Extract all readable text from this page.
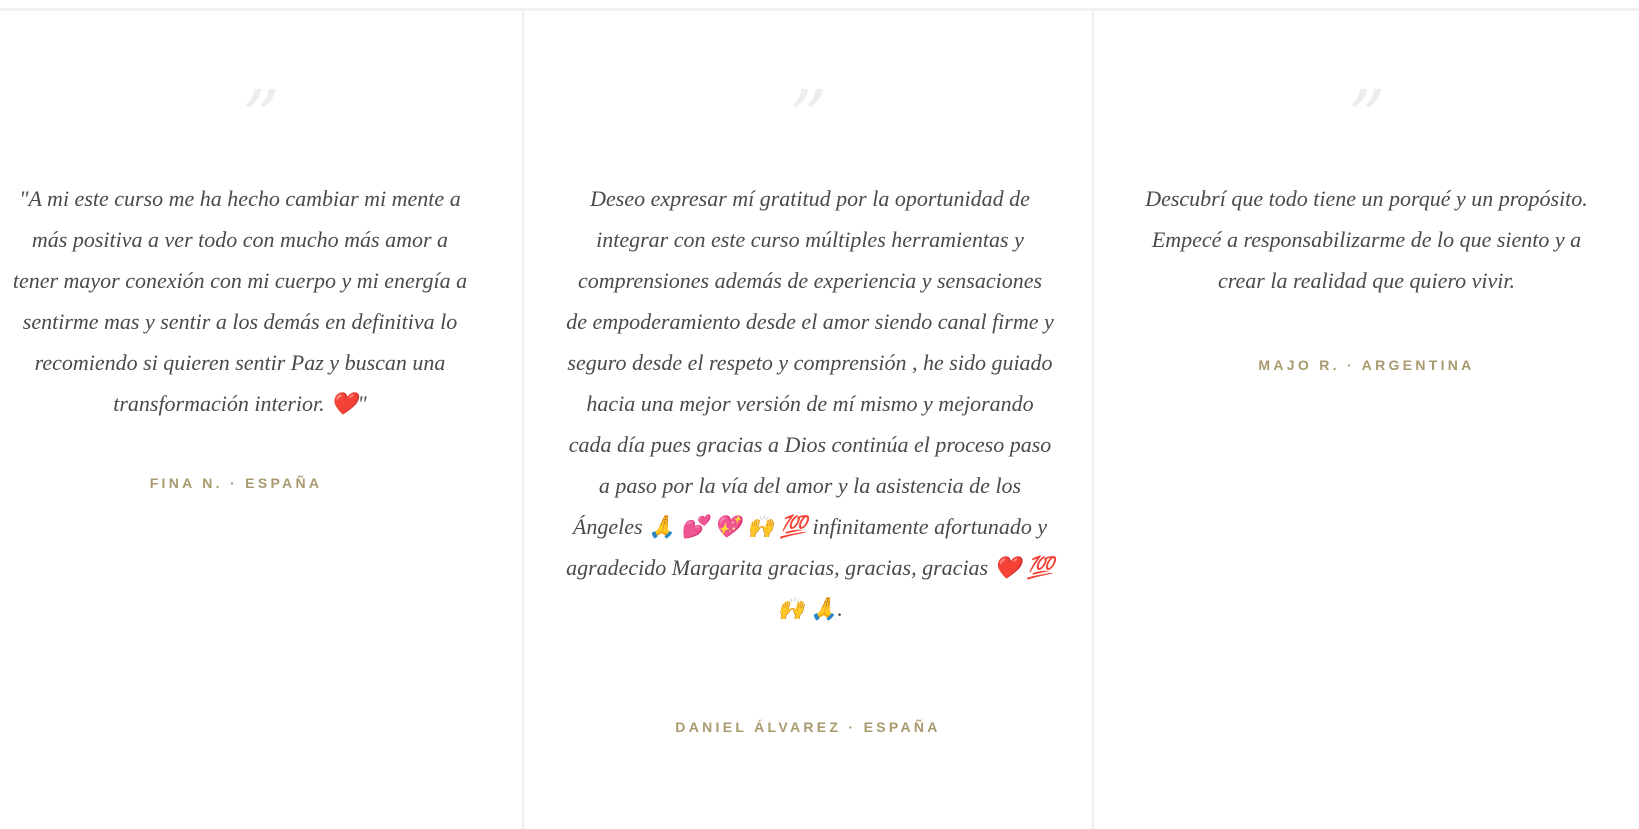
”

"A mi este curso me ha hecho cambiar mi mente a más positiva a ver todo con mucho más amor a tener mayor conexión con mi cuerpo y mi energía a sentirme mas y sentir a los demás en definitiva lo recomiendo si quieren sentir Paz y buscan una transformación interior. ❤️"

FINA N. · ESPAÑA
”

Deseo expresar mí gratitud por la oportunidad de integrar con este curso múltiples herramientas y comprensiones además de experiencia y sensaciones de empoderamiento desde el amor siendo canal firme y seguro desde el respeto y comprensión , he sido guiado hacia una mejor versión de mí mismo y mejorando cada día pues gracias a Dios continúa el proceso paso a paso por la vía del amor y la asistencia de los Ángeles 🙏 💕 💖 🙌 💯 infinitamente afortunado y agradecido Margarita gracias, gracias, gracias ❤️ 💯 🙌 🙏.

DANIEL ÁLVAREZ · ESPAÑA
”

Descubrí que todo tiene un porqué y un propósito. Empecé a responsabilizarme de lo que siento y a crear la realidad que quiero vivir.

MAJO R. · ARGENTINA
